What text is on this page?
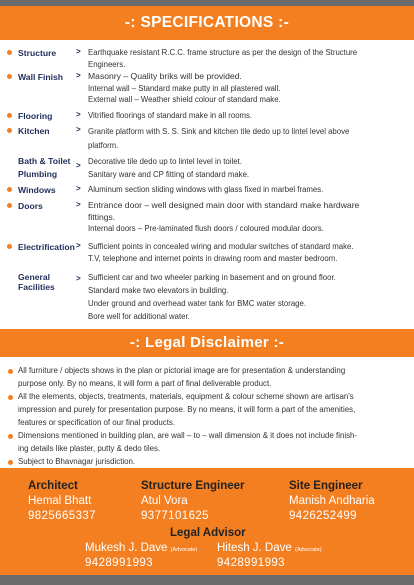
-: SPECIFICATIONS :-
Structure > Earthquake resistant R.C.C. frame structure as per the design of the Structure
Engineers.
Wall Finish > Masonry – Quality briks will be provided.
Internal wall – Standard make putty in all plastered wall.
External wall – Weather shield colour of standard make.
Flooring	> Vitrified floorings of standard make in all rooms.
Kitchen	> Granite platform with S. S. Sink and kitchen tile dedo up to lintel level above
platform.
Bath & Toilet
Plumbing
> Decorative tile dedo up to lintel level in toilet.
Sanitary ware and CP fitting of standard make.
Windows	> Aluminum section sliding windows with glass fixed in marbel frames.
Doors	> Entrance door – well designed main door with standard make hardware
fittings.
Internal doors – Pre-laminated flush doors / coloured modular doors.
Electrification > Sufficient points in concealed wiring and modular switches of standard make.
T.V, telephone and internet points in drawing room and master bedroom.
General
Facilities
> Sufficient car and two wheeler parking in basement and on ground floor.
Standard make two elevators in building.
Under ground and overhead water tank for BMC water storage.
Bore well for additional water.
-: Legal Disclaimer :-
All furniture / objects shows in the plan or pictorial image are for presentation & understanding
purpose only. By no means, it will form a part of final deliverable product.
All the elements, objects, treatments, materials, equipment & colour scheme shown are artisan's
impression and purely for presentation purpose. By no means, it will form a part of the amenities,
features or specification of our final products.
Dimensions mentioned in building plan, are wall – to – wall dimension & it does not include finish-
ing details like plaster, putty & dedo tiles.
Subject to Bhavnagar jurisdiction.
Architect
Hemal Bhatt
9825665337
Structure Engineer
Atul Vora
9377101625
Site Engineer
Manish Andharia
9426252499
Legal Advisor
Mukesh J. Dave (Advocate)
9428991993
Hitesh J. Dave (Advocate)
9428991993
